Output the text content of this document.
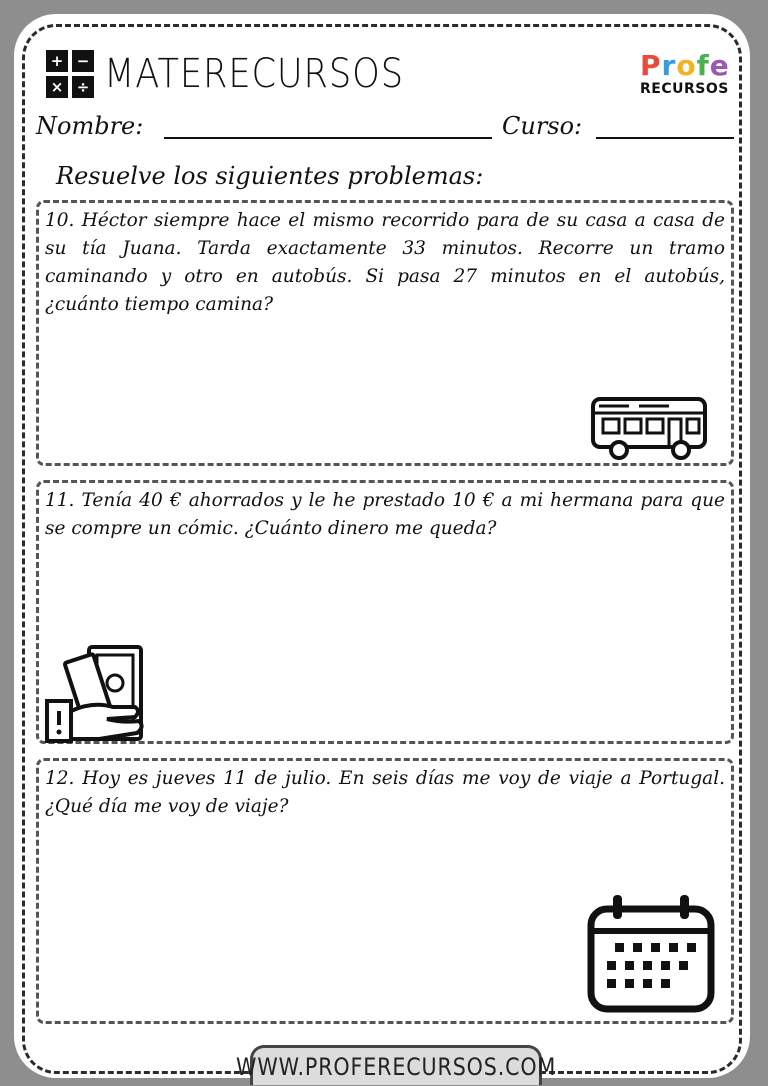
+ −
× ÷ MATERECURSOS	Profe
RECURSOS
Nombre:	Curso:
Resuelve los siguientes problemas:
10. Héctor siempre hace el mismo recorrido para de su casa a casa de su tía Juana. Tarda exactamente 33 minutos. Recorre un tramo caminando y otro en autobús. Si pasa 27 minutos en el autobús, ¿cuánto tiempo camina?
11. Tenía 40 € ahorrados y le he prestado 10 € a mi hermana para que se compre un cómic. ¿Cuánto dinero me queda?
12. Hoy es jueves 11 de julio. En seis días me voy de viaje a Portugal. ¿Qué día me voy de viaje?
WWW.PROFERECURSOS.COM
